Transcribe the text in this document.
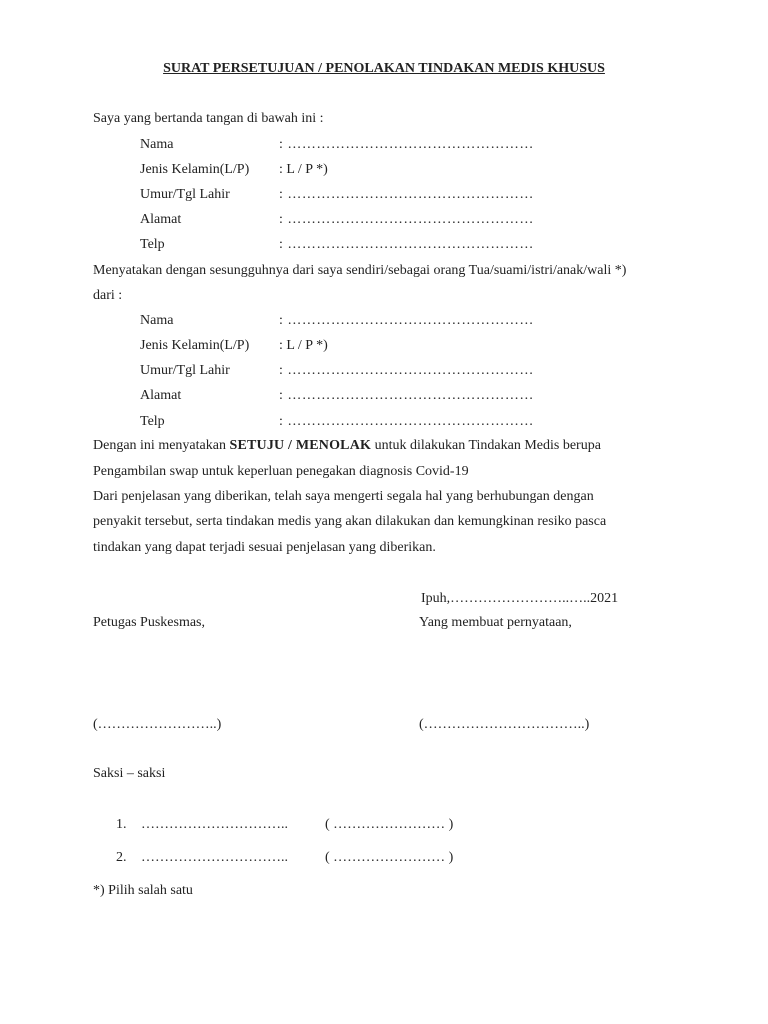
SURAT PERSETUJUAN / PENOLAKAN TINDAKAN MEDIS KHUSUS
Saya yang bertanda tangan di bawah ini :
Nama	: ……………………………………………
Jenis Kelamin(L/P) : L / P *)
Umur/Tgl Lahir	: ……………………………………………
Alamat	: ……………………………………………
Telp	: ……………………………………………
Menyatakan dengan sesungguhnya dari saya sendiri/sebagai orang Tua/suami/istri/anak/wali *)
dari :
Nama	: ……………………………………………
Jenis Kelamin(L/P) : L / P *)
Umur/Tgl Lahir	: ……………………………………………
Alamat	: ……………………………………………
Telp	: ……………………………………………
Dengan ini menyatakan SETUJU / MENOLAK untuk dilakukan Tindakan Medis berupa
Pengambilan swap untuk keperluan penegakan diagnosis Covid-19
Dari penjelasan yang diberikan, telah saya mengerti segala hal yang berhubungan dengan
penyakit tersebut, serta tindakan medis yang akan dilakukan dan kemungkinan resiko pasca
tindakan yang dapat terjadi sesuai penjelasan yang diberikan.
Ipuh,……………………..…..2021
Petugas Puskesmas,	Yang membuat pernyataan,
(……………………..)	(……………………………..)
Saksi – saksi
1. …………………………..	( …………………… )
2. …………………………..	( …………………… )
*) Pilih salah satu
